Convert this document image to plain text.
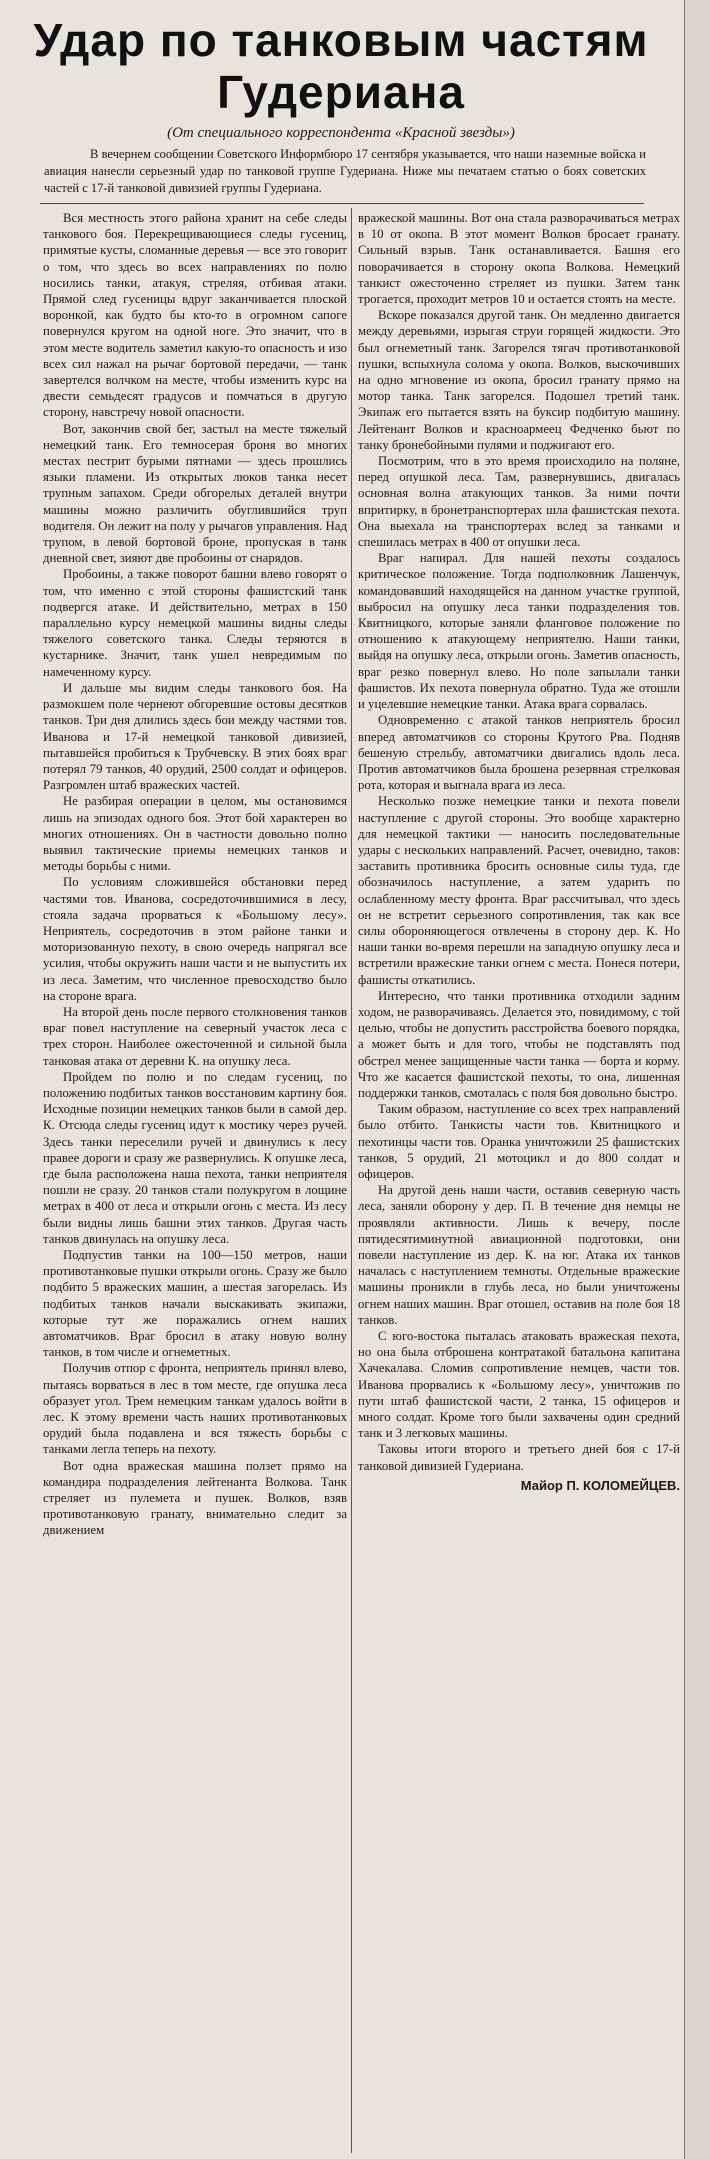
Удар по танковым частям
Гудериана
(От специального корреспондента «Красной звезды»)
В вечернем сообщении Советского Информбюро 17 сентября указывается, что наши наземные войска и авиация нанесли серьезный удар по танковой группе Гудериана. Ниже мы печатаем статью о боях советских частей с 17-й танковой дивизией группы Гудериана.

Вся местность этого района хранит на себе следы танкового боя. Перекрещивающиеся следы гусениц, примятые кусты, сломанные деревья — все это говорит о том, что здесь во всех направлениях по полю носились танки, атакуя, стреляя, отбивая атаки. Прямой след гусеницы вдруг заканчивается плоской воронкой, как будто бы кто-то в огромном сапоге повернулся кругом на одной ноге. Это значит, что в этом месте водитель заметил какую-то опасность и изо всех сил нажал на рычаг бортовой передачи, — танк завертелся волчком на месте, чтобы изменить курс на двести семьдесят градусов и помчаться в другую сторону, навстречу новой опасности.

Вот, закончив свой бег, застыл на месте тяжелый немецкий танк. Его темносерая броня во многих местах пестрит бурыми пятнами — здесь прошлись языки пламени. Из открытых люков танка несет трупным запахом. Среди обгорелых деталей внутри машины можно различить обуглившийся труп водителя. Он лежит на полу у рычагов управления. Над трупом, в левой бортовой броне, пропуская в танк дневной свет, зияют две пробоины от снарядов.

Пробоины, а также поворот башни влево говорят о том, что именно с этой стороны фашистский танк подвергся атаке. И действительно, метрах в 150 параллельно курсу немецкой машины видны следы тяжелого советского танка. Следы теряются в кустарнике. Значит, танк ушел невредимым по намеченному курсу.

И дальше мы видим следы танкового боя. На размокшем поле чернеют обгоревшие остовы десятков танков. Три дня длились здесь бои между частями тов. Иванова и 17-й немецкой танковой дивизией, пытавшейся пробиться к Трубчевску. В этих боях враг потерял 79 танков, 40 орудий, 2500 солдат и офицеров. Разгромлен штаб вражеских частей.

Не разбирая операции в целом, мы остановимся лишь на эпизодах одного боя. Этот бой характерен во многих отношениях. Он в частности довольно полно выявил тактические приемы немецких танков и методы борьбы с ними.

По условиям сложившейся обстановки перед частями тов. Иванова, сосредоточившимися в лесу, стояла задача прорваться к «Большому лесу». Неприятель, сосредоточив в этом районе танки и моторизованную пехоту, в свою очередь напрягал все усилия, чтобы окружить наши части и не выпустить их из леса. Заметим, что численное превосходство было на стороне врага.

На второй день после первого столкновения танков враг повел наступление на северный участок леса с трех сторон. Наиболее ожесточенной и сильной была танковая атака от деревни К. на опушку леса.

Пройдем по полю и по следам гусениц, по положению подбитых танков восстановим картину боя. Исходные позиции немецких танков были в самой дер. К. Отсюда следы гусениц идут к мостику через ручей. Здесь танки переселили ручей и двинулись к лесу правее дороги и сразу же развернулись. К опушке леса, где была расположена наша пехота, танки неприятеля пошли не сразу. 20 танков стали полукругом в лощине метрах в 400 от леса и открыли огонь с места. Из лесу были видны лишь башни этих танков. Другая часть танков двинулась на опушку леса.

Подпустив танки на 100—150 метров, наши противотанковые пушки открыли огонь. Сразу же было подбито 5 вражеских машин, а шестая загорелась. Из подбитых танков начали выскакивать экипажи, которые тут же поражались огнем наших автоматчиков. Враг бросил в атаку новую волну танков, в том числе и огнеметных.

Получив отпор с фронта, неприятель принял влево, пытаясь ворваться в лес в том месте, где опушка леса образует угол. Трем немецким танкам удалось войти в лес. К этому времени часть наших противотанковых орудий была подавлена и вся тяжесть борьбы с танками легла теперь на пехоту.

Вот одна вражеская машина ползет прямо на командира подразделения лейтенанта Волкова. Танк стреляет из пулемета и пушек. Волков, взяв противотанковую гранату, внимательно следит за движением

вражеской машины. Вот она стала разворачиваться метрах в 10 от окопа. В этот момент Волков бросает гранату. Сильный взрыв. Танк останавливается. Башня его поворачивается в сторону окопа Волкова. Немецкий танкист ожесточенно стреляет из пушки. Затем танк трогается, проходит метров 10 и остается стоять на месте.

Вскоре показался другой танк. Он медленно двигается между деревьями, изрыгая струи горящей жидкости. Это был огнеметный танк. Загорелся тягач противотанковой пушки, вспыхнула солома у окопа. Волков, выскочивших на одно мгновение из окопа, бросил гранату прямо на мотор танка. Танк загорелся. Подошел третий танк. Экипаж его пытается взять на буксир подбитую машину. Лейтенант Волков и красноармеец Федченко бьют по танку бронебойными пулями и поджигают его.

Посмотрим, что в это время происходило на поляне, перед опушкой леса. Там, развернувшись, двигалась основная волна атакующих танков. За ними почти впритирку, в бронетранспортерах шла фашистская пехота. Она выехала на транспортерах вслед за танками и спешилась метрах в 400 от опушки леса.

Враг напирал. Для нашей пехоты создалось критическое положение. Тогда подполковник Лашенчук, командовавший находящейся на данном участке группой, выбросил на опушку леса танки подразделения тов. Квитницкого, которые заняли фланговое положение по отношению к атакующему неприятелю. Наши танки, выйдя на опушку леса, открыли огонь. Заметив опасность, враг резко повернул влево. Но поле запылали танки фашистов. Их пехота повернула обратно. Туда же отошли и уцелевшие немецкие танки. Атака врага сорвалась.

Одновременно с атакой танков неприятель бросил вперед автоматчиков со стороны Крутого Рва. Подняв бешеную стрельбу, автоматчики двигались вдоль леса. Против автоматчиков была брошена резервная стрелковая рота, которая и выгнала врага из леса.

Несколько позже немецкие танки и пехота повели наступление с другой стороны. Это вообще характерно для немецкой тактики — наносить последовательные удары с нескольких направлений. Расчет, очевидно, таков: заставить противника бросить основные силы туда, где обозначилось наступление, а затем ударить по ослабленному месту фронта. Враг рассчитывал, что здесь он не встретит серьезного сопротивления, так как все силы обороняющегося отвлечены в сторону дер. К. Но наши танки во-время перешли на западную опушку леса и встретили вражеские танки огнем с места. Понеся потери, фашисты откатились.

Интересно, что танки противника отходили задним ходом, не разворачиваясь. Делается это, повидимому, с той целью, чтобы не допустить расстройства боевого порядка, а может быть и для того, чтобы не подставлять под обстрел менее защищенные части танка — борта и корму. Что же касается фашистской пехоты, то она, лишенная поддержки танков, смоталась с поля боя довольно быстро.

Таким образом, наступление со всех трех направлений было отбито. Танкисты части тов. Квитницкого и пехотинцы части тов. Оранка уничтожили 25 фашистских танков, 5 орудий, 21 мотоцикл и до 800 солдат и офицеров.

На другой день наши части, оставив северную часть леса, заняли оборону у дер. П. В течение дня немцы не проявляли активности. Лишь к вечеру, после пятидесятиминутной авиационной подготовки, они повели наступление из дер. К. на юг. Атака их танков началась с наступлением темноты. Отдельные вражеские машины проникли в глубь леса, но были уничтожены огнем наших машин. Враг отошел, оставив на поле боя 18 танков.

С юго-востока пыталась атаковать вражеская пехота, но она была отброшена контратакой батальона капитана Хачекалава. Сломив сопротивление немцев, части тов. Иванова прорвались к «Большому лесу», уничтожив по пути штаб фашистской части, 2 танка, 15 офицеров и много солдат. Кроме того были захвачены один средний танк и 3 легковых машины.

Таковы итоги второго и третьего дней боя с 17-й танковой дивизией Гудериана.

Майор П. КОЛОМЕЙЦЕВ.
